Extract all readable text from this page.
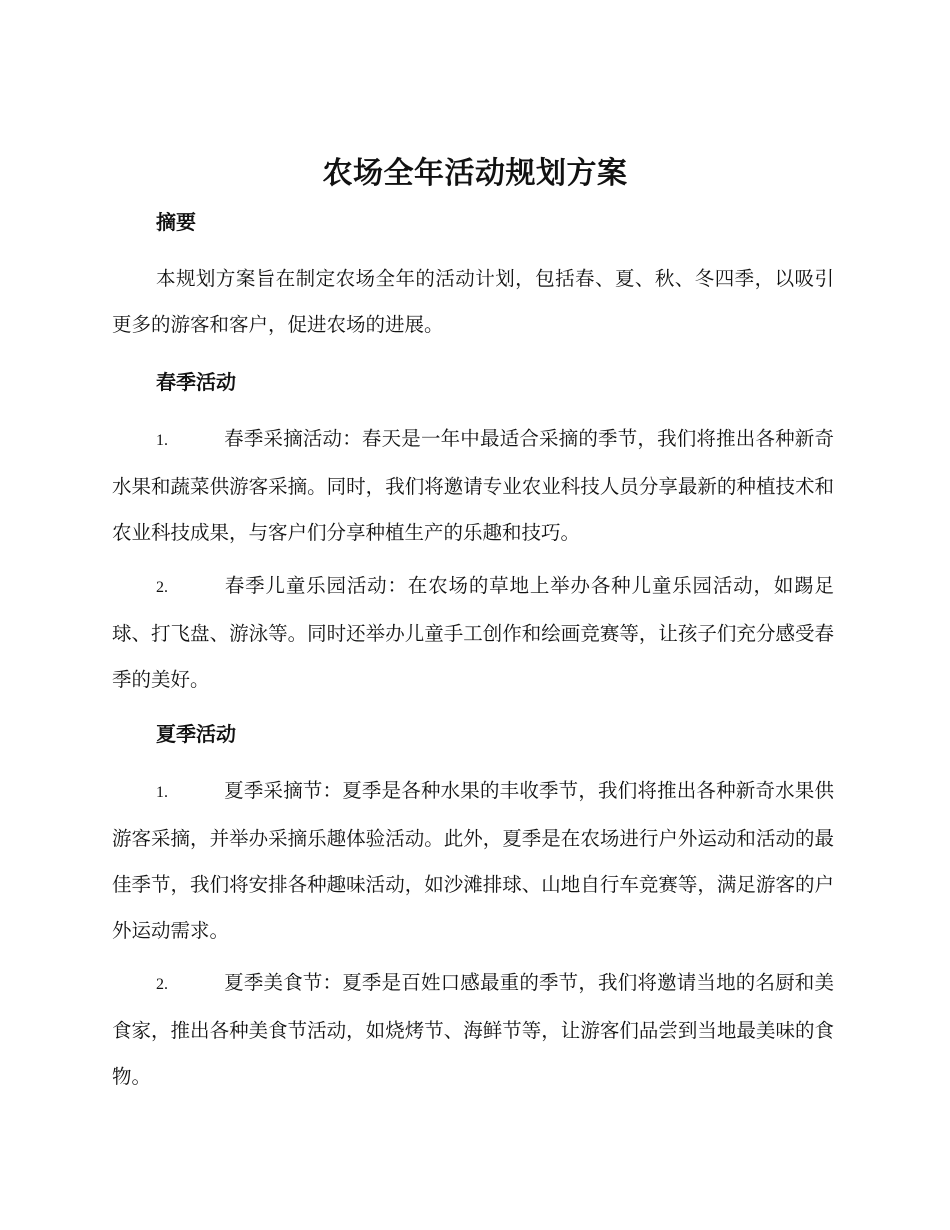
农场全年活动规划方案
摘要

本规划方案旨在制定农场全年的活动计划，包括春、夏、秋、冬四季，以吸引更多的游客和客户，促进农场的进展。

春季活动

1.	春季采摘活动：春天是一年中最适合采摘的季节，我们将推出各种新奇水果和蔬菜供游客采摘。同时，我们将邀请专业农业科技人员分享最新的种植技术和农业科技成果，与客户们分享种植生产的乐趣和技巧。

2.	春季儿童乐园活动：在农场的草地上举办各种儿童乐园活动，如踢足球、打飞盘、游泳等。同时还举办儿童手工创作和绘画竞赛等，让孩子们充分感受春季的美好。

夏季活动

1.	夏季采摘节：夏季是各种水果的丰收季节，我们将推出各种新奇水果供游客采摘，并举办采摘乐趣体验活动。此外，夏季是在农场进行户外运动和活动的最佳季节，我们将安排各种趣味活动，如沙滩排球、山地自行车竞赛等，满足游客的户外运动需求。

2.	夏季美食节：夏季是百姓口感最重的季节，我们将邀请当地的名厨和美食家，推出各种美食节活动，如烧烤节、海鲜节等，让游客们品尝到当地最美味的食物。
